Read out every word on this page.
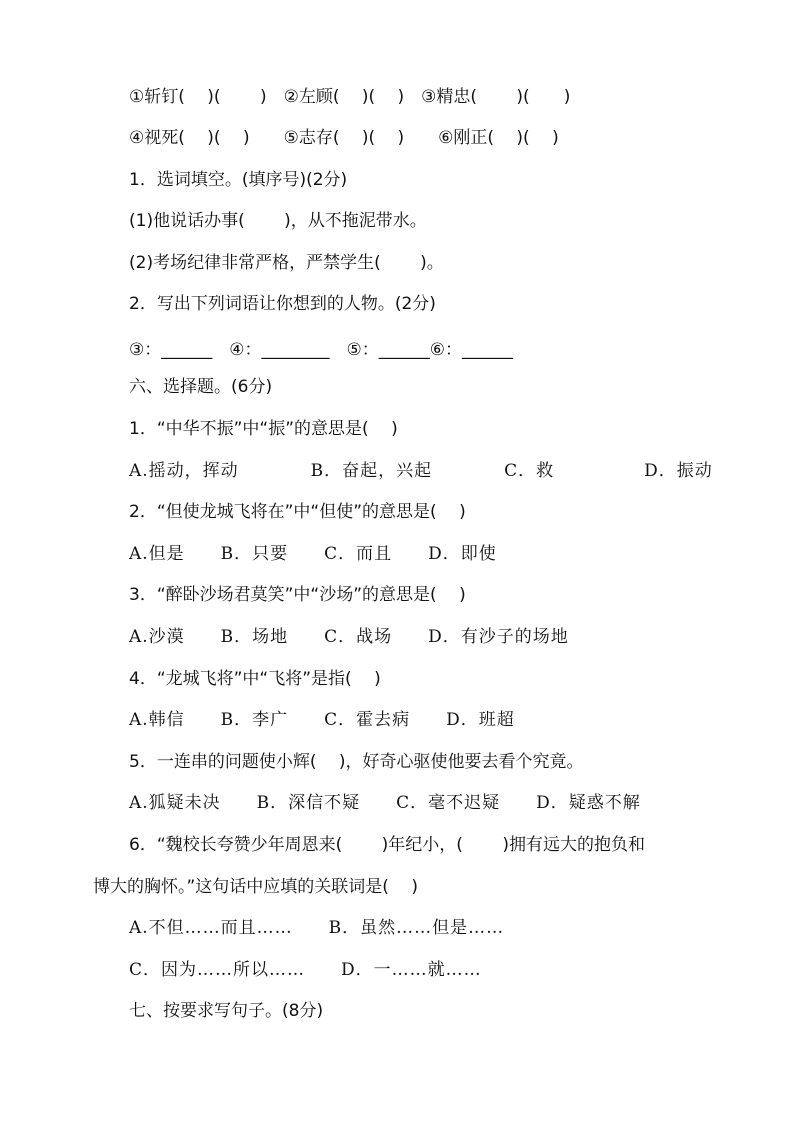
①斩钉(　 )(　　 )　②左顾(　 )(　 )　③精忠(　　 )(　　)
④视死(　 )(　 )　　⑤志存(　 )(　 )　　⑥刚正(　 )(　 )
1．选词填空。(填序号)(2分)
(1)他说话办事(　　 )，从不拖泥带水。
(2)考场纪律非常严格，严禁学生(　　 )。
2．写出下列词语让你想到的人物。(2分)
③：______　④：________　⑤：______⑥：______
六、选择题。(6分)
1．“中华不振”中“振”的意思是(　 )
A.摇动，挥动　　　　B．奋起，兴起　　　　C．救　　　　　D．振动
2．“但使龙城飞将在”中“但使”的意思是(　 )
A.但是　　B．只要　　C．而且　　D．即使
3．“醉卧沙场君莫笑”中“沙场”的意思是(　 )
A.沙漠　　B．场地　　C．战场　　D．有沙子的场地
4．“龙城飞将”中“飞将”是指(　 )
A.韩信　　B．李广　　C．霍去病　　D．班超
5．一连串的问题使小辉(　 )，好奇心驱使他要去看个究竟。
A.狐疑未决　　B．深信不疑　　C．毫不迟疑　　D．疑惑不解
6．“魏校长夸赞少年周恩来(　　 )年纪小，(　　 )拥有远大的抱负和
博大的胸怀。”这句话中应填的关联词是(　 )
A.不但……而且……　　B．虽然……但是……
C．因为……所以……　　D．一……就……
七、按要求写句子。(8分)
